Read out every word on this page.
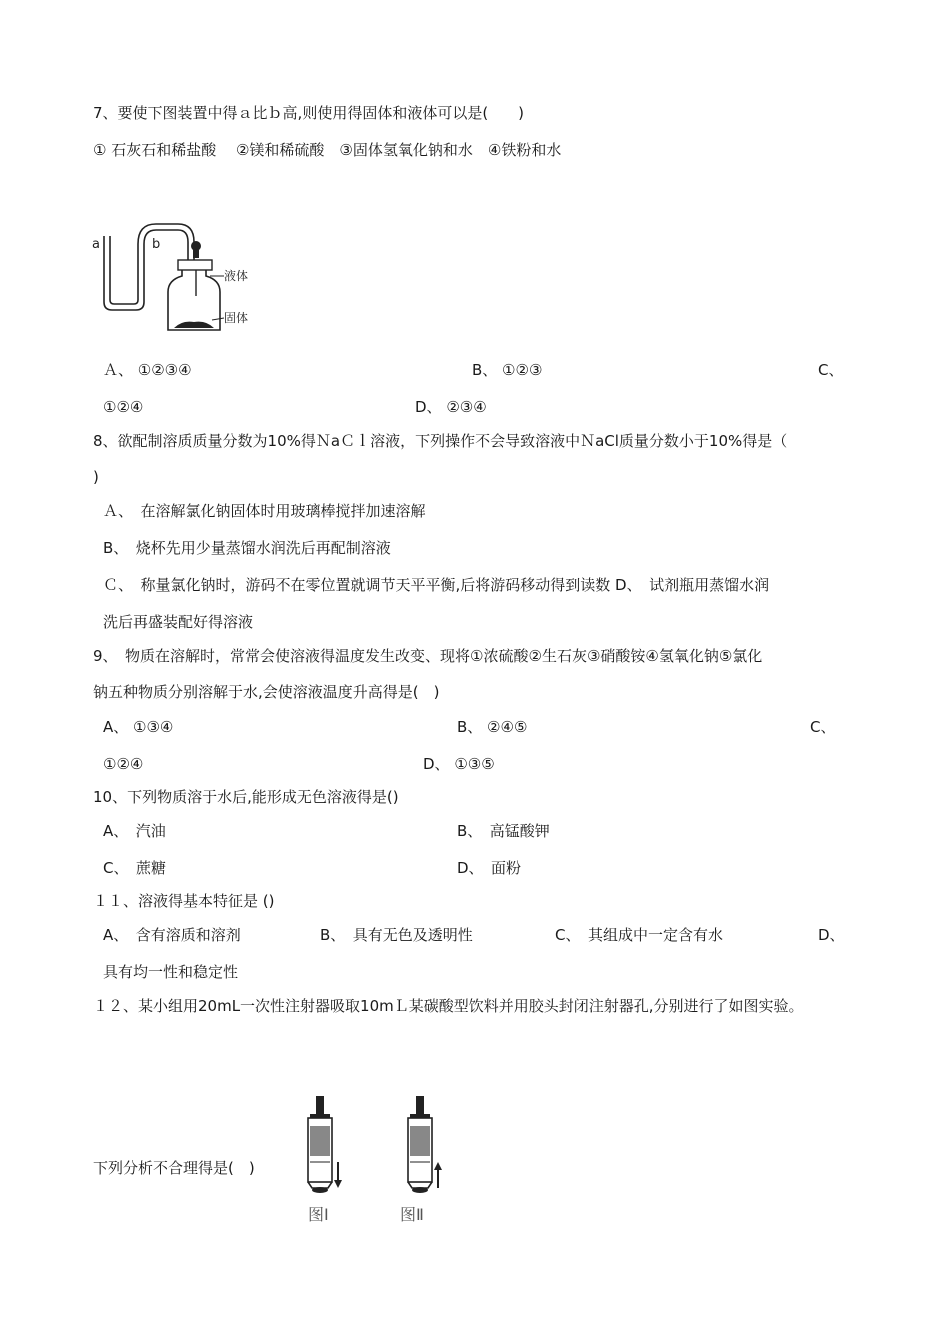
7、要使下图装置中得ａ比ｂ高,则使用得固体和液体可以是(　　)
① 石灰石和稀盐酸　 ②镁和稀硫酸　③固体氢氧化钠和水　④铁粉和水
a	b
液体
固体
Ａ、 ①②③④	B、 ①②③	C、
①②④	D、 ②③④
8、欲配制溶质质量分数为10%得ＮaＣｌ溶液，下列操作不会导致溶液中ＮaCl质量分数小于10%得是（
)
Ａ、　在溶解氯化钠固体时用玻璃棒搅拌加速溶解
B、　烧杯先用少量蒸馏水润洗后再配制溶液
Ｃ、　称量氯化钠时，游码不在零位置就调节天平平衡,后将游码移动得到读数 D、　试剂瓶用蒸馏水润
洗后再盛装配好得溶液
9、　物质在溶解时，常常会使溶液得温度发生改变、现将①浓硫酸②生石灰③硝酸铵④氢氧化钠⑤氯化
钠五种物质分别溶解于水,会使溶液温度升高得是(　)
A、 ①③④	B、 ②④⑤	C、
①②④	D、 ①③⑤
10、下列物质溶于水后,能形成无色溶液得是()
A、　汽油	B、　高锰酸钾
C、　蔗糖	D、　面粉
１１、溶液得基本特征是 ()
A、　含有溶质和溶剂	B、　具有无色及透明性	C、　其组成中一定含有水	D、
具有均一性和稳定性
１２、某小组用20mL一次性注射器吸取10mＬ某碳酸型饮料并用胶头封闭注射器孔,分别进行了如图实验。
下列分析不合理得是(　)
图Ⅰ	图Ⅱ
